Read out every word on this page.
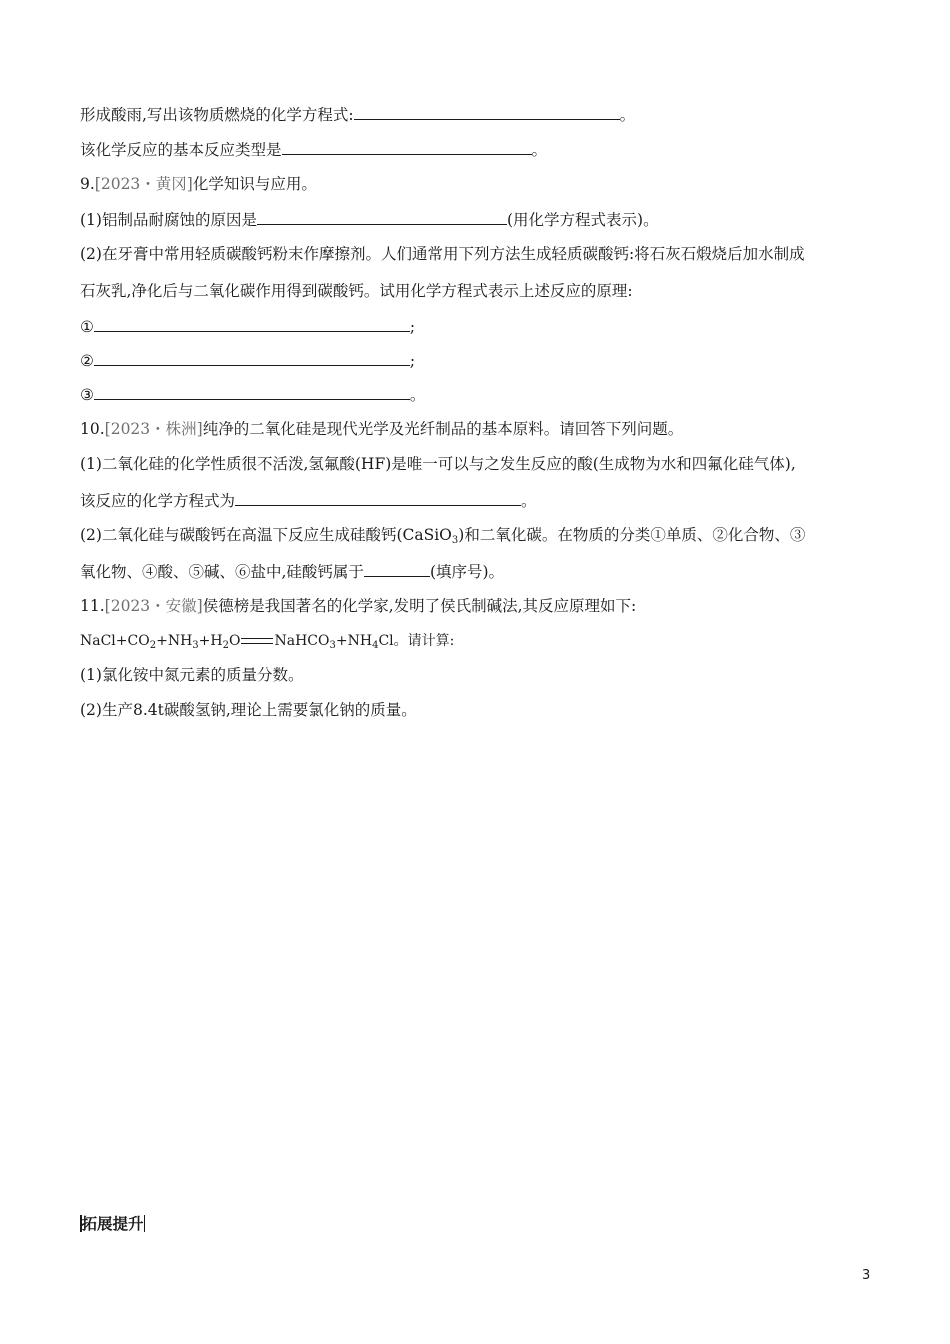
形成酸雨,写出该物质燃烧的化学方程式:	。
该化学反应的基本反应类型是	。
9.[2023・黄冈]化学知识与应用。
(1)铝制品耐腐蚀的原因是	(用化学方程式表示)。
(2)在牙膏中常用轻质碳酸钙粉末作摩擦剂。人们通常用下列方法生成轻质碳酸钙:将石灰石煅烧后加水制成
石灰乳,净化后与二氧化碳作用得到碳酸钙。试用化学方程式表示上述反应的原理:
①	;
②	;
③	。
10.[2023・株洲]纯净的二氧化硅是现代光学及光纤制品的基本原料。请回答下列问题。
(1)二氧化硅的化学性质很不活泼,氢氟酸(HF)是唯一可以与之发生反应的酸(生成物为水和四氟化硅气体),
该反应的化学方程式为	。
(2)二氧化硅与碳酸钙在高温下反应生成硅酸钙(CaSiO$_3$)和二氧化碳。在物质的分类①单质、②化合物、③
氧化物、④酸、⑤碱、⑥盐中,硅酸钙属于	(填序号)。
11.[2023・安徽]侯德榜是我国著名的化学家,发明了侯氏制碱法,其反应原理如下:
$NaCl+CO_2+NH_3+H_2O$ $NaHCO_3+NH_4Cl$。请计算:
(1)氯化铵中氮元素的质量分数。
(2)生产8.4t碳酸氢钠,理论上需要氯化钠的质量。
拓展提升
3
